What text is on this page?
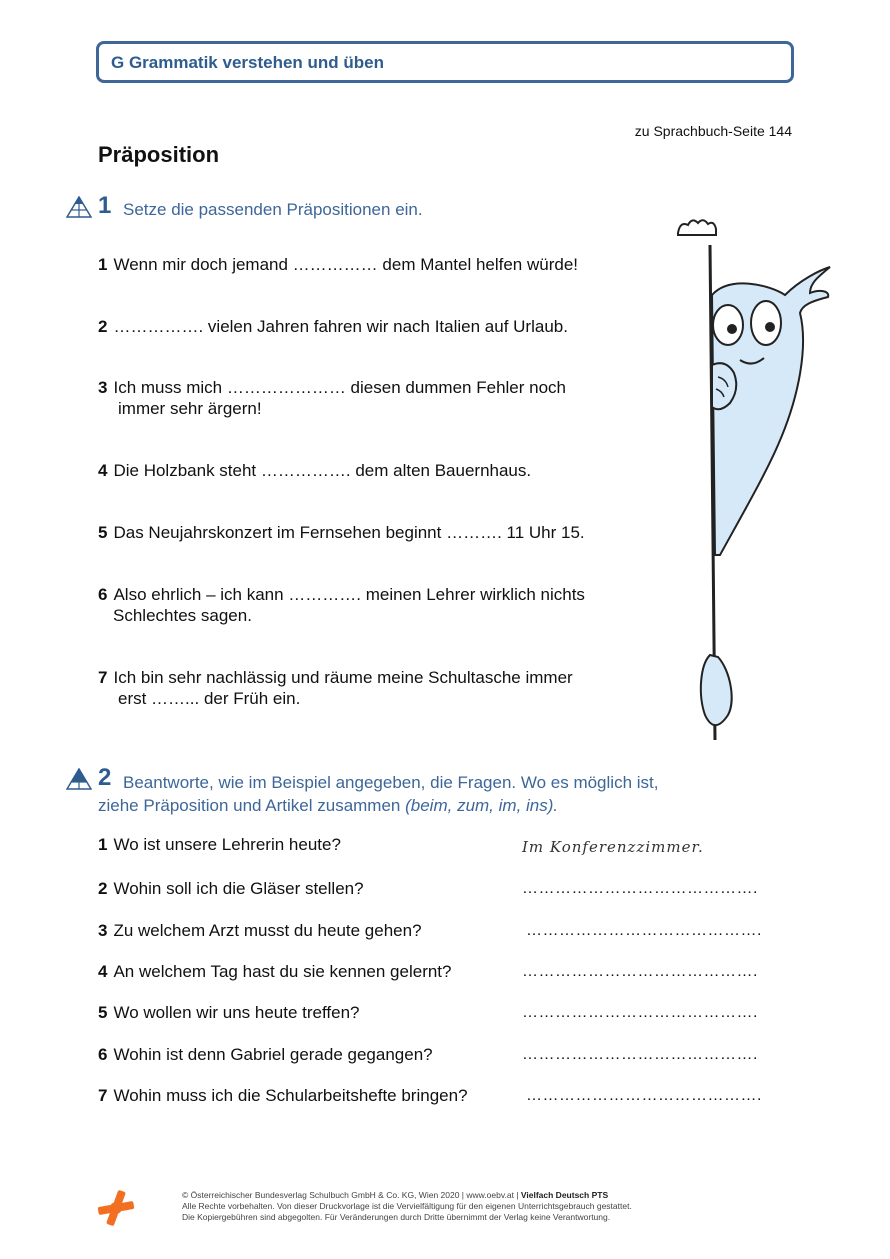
G Grammatik verstehen und üben
zu Sprachbuch-Seite 144
Präposition
1 Setze die passenden Präpositionen ein.
1 Wenn mir doch jemand …………… dem Mantel helfen würde!
2 ……………. vielen Jahren fahren wir nach Italien auf Urlaub.
3 Ich muss mich ………………… diesen dummen Fehler noch
immer sehr ärgern!
4 Die Holzbank steht ……………. dem alten Bauernhaus.
5 Das Neujahrskonzert im Fernsehen beginnt ………. 11 Uhr 15.
6 Also ehrlich – ich kann …………. meinen Lehrer wirklich nichts
Schlechtes sagen.
7 Ich bin sehr nachlässig und räume meine Schultasche immer
erst ……... der Früh ein.
2 Beantworte, wie im Beispiel angegeben, die Fragen. Wo es möglich ist,
ziehe Präposition und Artikel zusammen (beim, zum, im, ins).
1 Wo ist unsere Lehrerin heute?	Im Konferenzzimmer.
2 Wohin soll ich die Gläser stellen?	…………………………………….
3 Zu welchem Arzt musst du heute gehen?	…………………………………….
4 An welchem Tag hast du sie kennen gelernt?	…………………………………….
5 Wo wollen wir uns heute treffen?	…………………………………….
6 Wohin ist denn Gabriel gerade gegangen?	…………………………………….
7 Wohin muss ich die Schularbeitshefte bringen?	…………………………………….
© Österreichischer Bundesverlag Schulbuch GmbH & Co. KG, Wien 2020 | www.oebv.at | Vielfach Deutsch PTS
Alle Rechte vorbehalten. Von dieser Druckvorlage ist die Vervielfältigung für den eigenen Unterrichtsgebrauch gestattet.
Die Kopiergebühren sind abgegolten. Für Veränderungen durch Dritte übernimmt der Verlag keine Verantwortung.
